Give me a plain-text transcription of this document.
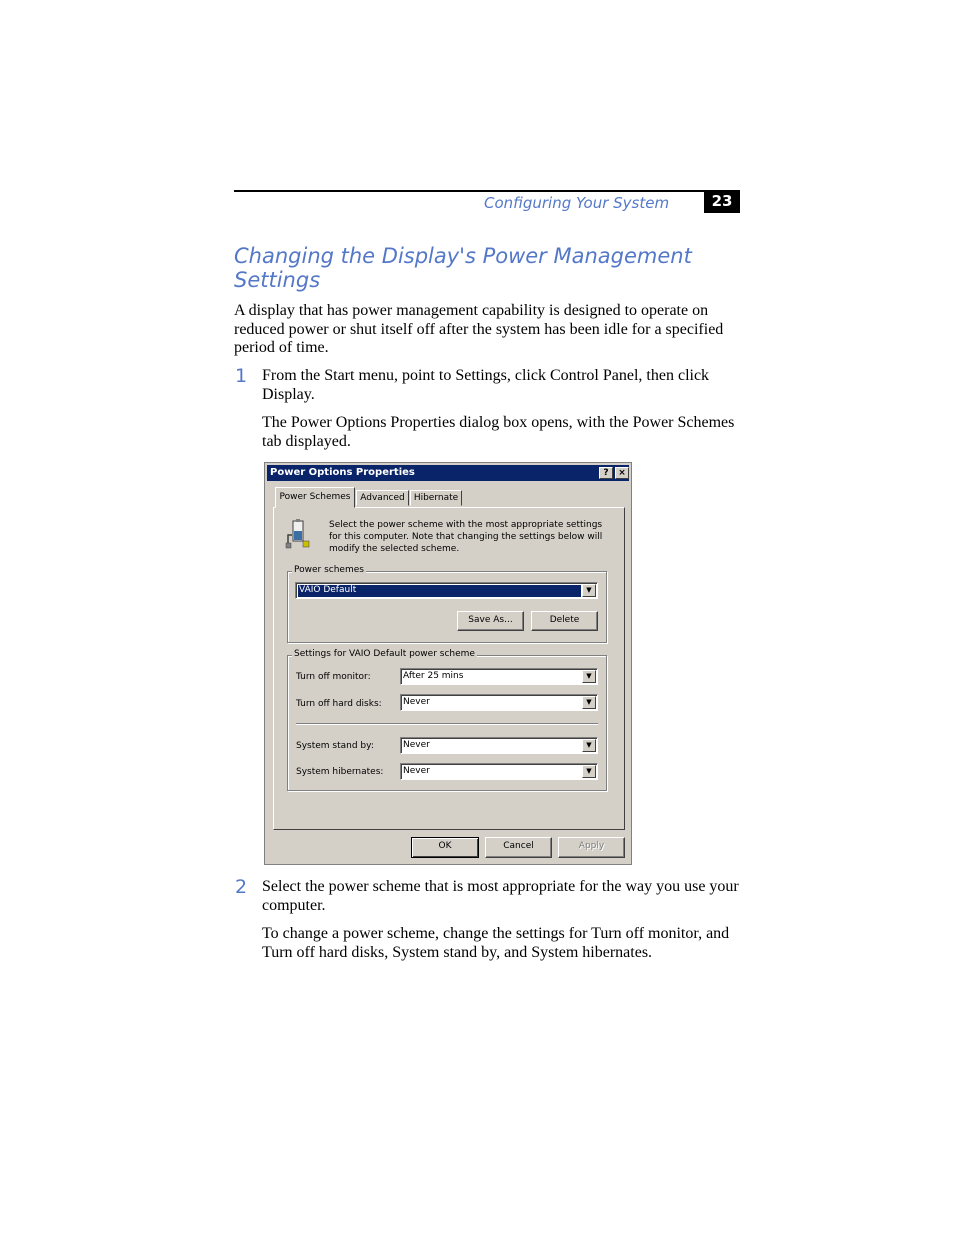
Configuring Your System	23
Changing the Display's Power Management Settings
A display that has power management capability is designed to operate on reduced power or shut itself off after the system has been idle for a specified period of time.
1 From the Start menu, point to Settings, click Control Panel, then click Display.
The Power Options Properties dialog box opens, with the Power Schemes tab displayed.
Power Options Properties	?	×
Power Schemes	Advanced	Hibernate
Select the power scheme with the most appropriate settings for this computer. Note that changing the settings below will modify the selected scheme.
Power schemes
VAIO Default	▼
Save As...	Delete
Settings for VAIO Default power scheme
Turn off monitor:	After 25 mins	▼
Turn off hard disks: Never	▼
System stand by:	Never	▼
System hibernates: Never	▼
OK	Cancel	Apply
2 Select the power scheme that is most appropriate for the way you use your computer.
To change a power scheme, change the settings for Turn off monitor, and Turn off hard disks, System stand by, and System hibernates.
